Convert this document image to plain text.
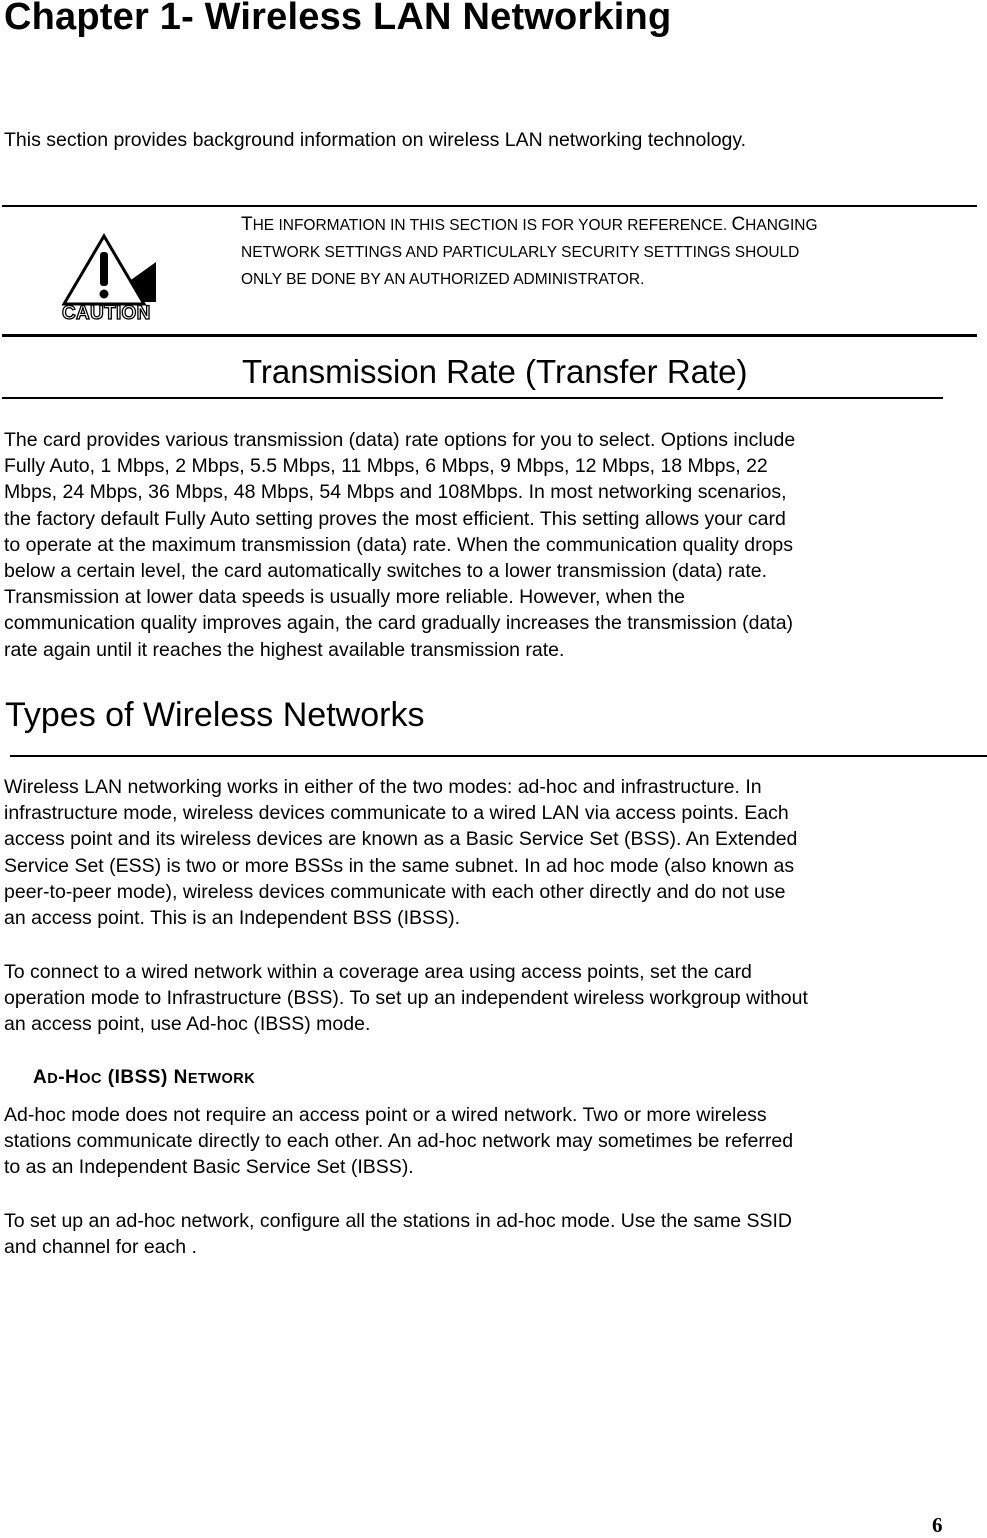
Chapter 1- Wireless LAN Networking
This section provides background information on wireless LAN networking technology.
CAUTION
THE INFORMATION IN THIS SECTION IS FOR YOUR REFERENCE. CHANGING
NETWORK SETTINGS AND PARTICULARLY SECURITY SETTTINGS SHOULD
ONLY BE DONE BY AN AUTHORIZED ADMINISTRATOR.
Transmission Rate (Transfer Rate)
The card provides various transmission (data) rate options for you to select. Options include
Fully Auto, 1 Mbps, 2 Mbps, 5.5 Mbps, 11 Mbps, 6 Mbps, 9 Mbps, 12 Mbps, 18 Mbps, 22
Mbps, 24 Mbps, 36 Mbps, 48 Mbps, 54 Mbps and 108Mbps. In most networking scenarios,
the factory default Fully Auto setting proves the most efficient. This setting allows your card
to operate at the maximum transmission (data) rate. When the communication quality drops
below a certain level, the card automatically switches to a lower transmission (data) rate.
Transmission at lower data speeds is usually more reliable. However, when the
communication quality improves again, the card gradually increases the transmission (data)
rate again until it reaches the highest available transmission rate.
Types of Wireless Networks
Wireless LAN networking works in either of the two modes: ad-hoc and infrastructure. In
infrastructure mode, wireless devices communicate to a wired LAN via access points. Each
access point and its wireless devices are known as a Basic Service Set (BSS). An Extended
Service Set (ESS) is two or more BSSs in the same subnet. In ad hoc mode (also known as
peer-to-peer mode), wireless devices communicate with each other directly and do not use
an access point. This is an Independent BSS (IBSS).
To connect to a wired network within a coverage area using access points, set the card
operation mode to Infrastructure (BSS). To set up an independent wireless workgroup without
an access point, use Ad-hoc (IBSS) mode.
AD-HOC (IBSS) NETWORK
Ad-hoc mode does not require an access point or a wired network. Two or more wireless
stations communicate directly to each other. An ad-hoc network may sometimes be referred
to as an Independent Basic Service Set (IBSS).
To set up an ad-hoc network, configure all the stations in ad-hoc mode. Use the same SSID
and channel for each .
6
